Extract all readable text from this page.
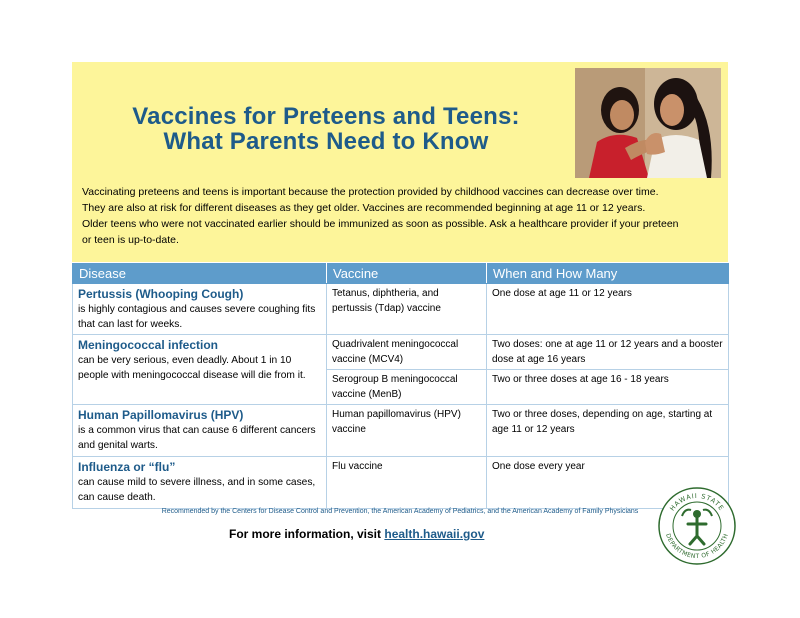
Vaccines for Preteens and Teens:
What Parents Need to Know
Vaccinating preteens and teens is important because the protection provided by childhood vaccines can decrease over time.
They are also at risk for different diseases as they get older. Vaccines are recommended beginning at age 11 or 12 years.
Older teens who were not vaccinated earlier should be immunized as soon as possible. Ask a healthcare provider if your preteen
or teen is up-to-date.
Disease	Vaccine	When and How Many

Pertussis (Whooping Cough)
is highly contagious and causes severe coughing fits that can last for weeks.	Tetanus, diphtheria, and pertussis (Tdap) vaccine	One dose at age 11 or 12 years

Meningococcal infection
can be very serious, even deadly. About 1 in 10 people with meningococcal disease will die from it.	Quadrivalent meningococcal vaccine (MCV4)	Two doses: one at age 11 or 12 years and a booster dose at age 16 years
	Serogroup B meningococcal vaccine (MenB)	Two or three doses at age 16 - 18 years

Human Papillomavirus (HPV)
is a common virus that can cause 6 different cancers and genital warts.	Human papillomavirus (HPV) vaccine	Two or three doses, depending on age, starting at age 11 or 12 years

Influenza or “flu”
can cause mild to severe illness, and in some cases, can cause death.	Flu vaccine	One dose every year
Recommended by the Centers for Disease Control and Prevention, the American Academy of Pediatrics, and the American Academy of Family Physicians
For more information, visit health.hawaii.gov
HAWAII STATE
DEPARTMENT OF HEALTH
